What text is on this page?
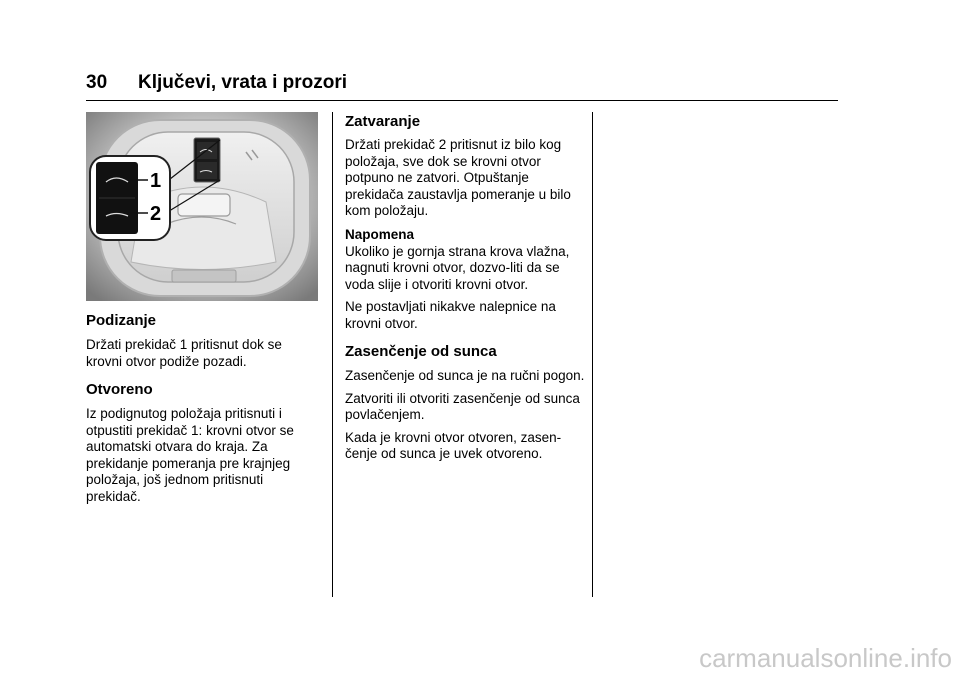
30 Ključevi, vrata i prozori
1
2
Podizanje

Držati prekidač 1 pritisnut dok se krovni otvor podiže pozadi.

Otvoreno

Iz podignutog položaja pritisnuti i otpustiti prekidač 1: krovni otvor se automatski otvara do kraja. Za prekidanje pomeranja pre krajnjeg položaja, još jednom pritisnuti prekidač.

Zatvaranje

Držati prekidač 2 pritisnut iz bilo kog položaja, sve dok se krovni otvor potpuno ne zatvori. Otpuštanje prekidača zaustavlja pomeranje u bilo kom položaju.

Napomena

Ukoliko je gornja strana krova vlažna, nagnuti krovni otvor, dozvo-liti da se voda slije i otvoriti krovni otvor.

Ne postavljati nikakve nalepnice na krovni otvor.

Zasenčenje od sunca

Zasenčenje od sunca je na ručni pogon.

Zatvoriti ili otvoriti zasenčenje od sunca povlačenjem.

Kada je krovni otvor otvoren, zasen-čenje od sunca je uvek otvoreno.

carmanualsonline.info
